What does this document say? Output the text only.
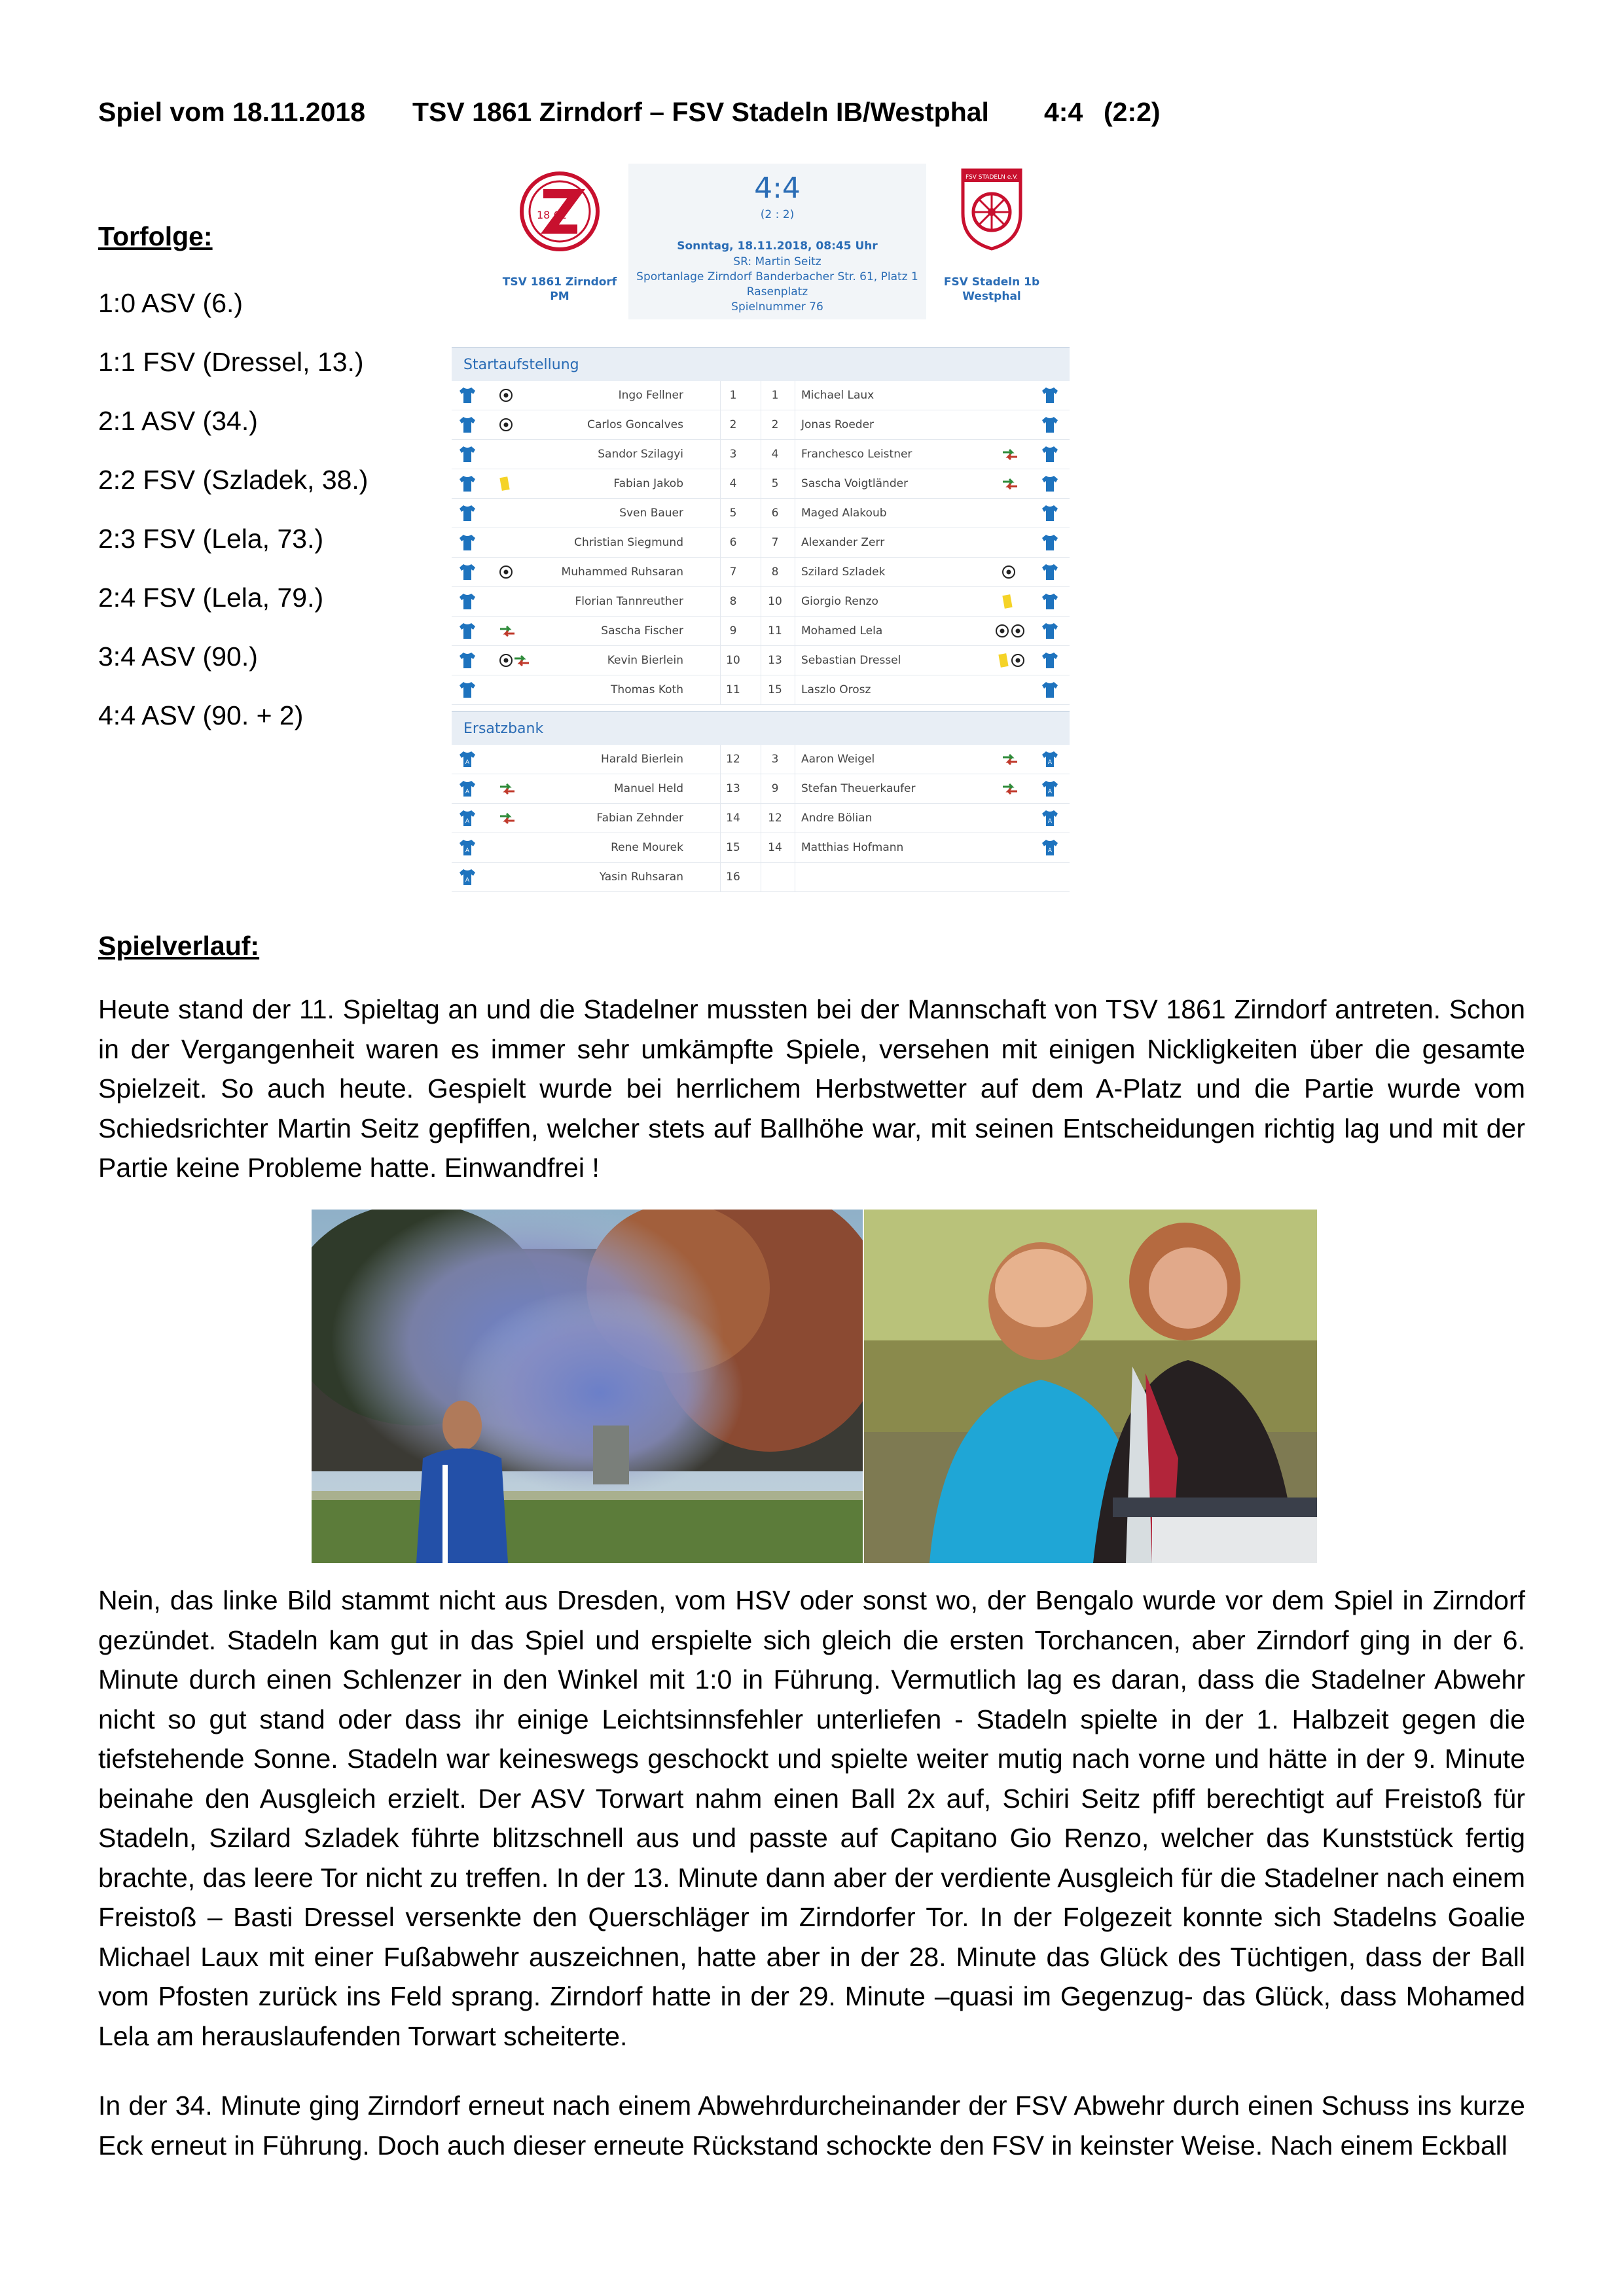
Spiel vom 18.11.2018 TSV 1861 Zirndorf – FSV Stadeln IB/Westphal 4:4 (2:2)
Torfolge:
1:0 ASV (6.)
1:1 FSV (Dressel, 13.)
2:1 ASV (34.)
2:2 FSV (Szladek, 38.)
2:3 FSV (Lela, 73.)
2:4 FSV (Lela, 79.)
3:4 ASV (90.)
4:4 ASV (90. + 2)
18 61
TSV 1861 Zirndorf PM
4:4
(2 : 2)
Sonntag, 18.11.2018, 08:45 Uhr
SR: Martin Seitz
Sportanlage Zirndorf Banderbacher Str. 61, Platz 1
Rasenplatz
Spielnummer 76
FSV STADELN e.V.
FSV Stadeln 1b Westphal
Startaufstellung
Ingo Fellner	1	1	Michael Laux
Carlos Goncalves	2	2	Jonas Roeder
Sandor Szilagyi	3	4	Franchesco Leistner
Fabian Jakob	4	5	Sascha Voigtländer
Sven Bauer	5	6	Maged Alakoub
Christian Siegmund	6	7	Alexander Zerr
Muhammed Ruhsaran	7	8	Szilard Szladek
Florian Tannreuther	8	10	Giorgio Renzo
Sascha Fischer	9	11	Mohamed Lela
Kevin Bierlein	10	13	Sebastian Dressel
Thomas Koth	11	15	Laszlo Orosz
Ersatzbank
A	Harald Bierlein	12	3	Aaron Weigel	A
A	Manuel Held	13	9	Stefan Theuerkaufer	A
A	Fabian Zehnder	14	12	Andre Bölian	A
A	Rene Mourek	15	14	Matthias Hofmann	A
A	Yasin Ruhsaran	16
Spielverlauf:

Heute stand der 11. Spieltag an und die Stadelner mussten bei der Mannschaft von TSV 1861 Zirndorf antreten. Schon in der Vergangenheit waren es immer sehr umkämpfte Spiele, versehen mit einigen Nickligkeiten über die gesamte Spielzeit. So auch heute. Gespielt wurde bei herrlichem Herbstwetter auf dem A-Platz und die Partie wurde vom Schiedsrichter Martin Seitz gepfiffen, welcher stets auf Ballhöhe war, mit seinen Entscheidungen richtig lag und mit der Partie keine Probleme hatte. Einwandfrei !

Nein, das linke Bild stammt nicht aus Dresden, vom HSV oder sonst wo, der Bengalo wurde vor dem Spiel in Zirndorf gezündet. Stadeln kam gut in das Spiel und erspielte sich gleich die ersten Torchancen, aber Zirndorf ging in der 6. Minute durch einen Schlenzer in den Winkel mit 1:0 in Führung. Vermutlich lag es daran, dass die Stadelner Abwehr nicht so gut stand oder dass ihr einige Leichtsinnsfehler unterliefen - Stadeln spielte in der 1. Halbzeit gegen die tiefstehende Sonne. Stadeln war keineswegs geschockt und spielte weiter mutig nach vorne und hätte in der 9. Minute beinahe den Ausgleich erzielt. Der ASV Torwart nahm einen Ball 2x auf, Schiri Seitz pfiff berechtigt auf Freistoß für Stadeln, Szilard Szladek führte blitzschnell aus und passte auf Capitano Gio Renzo, welcher das Kunststück fertig brachte, das leere Tor nicht zu treffen. In der 13. Minute dann aber der verdiente Ausgleich für die Stadelner nach einem Freistoß – Basti Dressel versenkte den Querschläger im Zirndorfer Tor. In der Folgezeit konnte sich Stadelns Goalie Michael Laux mit einer Fußabwehr auszeichnen, hatte aber in der 28. Minute das Glück des Tüchtigen, dass der Ball vom Pfosten zurück ins Feld sprang. Zirndorf hatte in der 29. Minute –quasi im Gegenzug- das Glück, dass Mohamed Lela am herauslaufenden Torwart scheiterte.

In der 34. Minute ging Zirndorf erneut nach einem Abwehrdurcheinander der FSV Abwehr durch einen Schuss ins kurze Eck erneut in Führung. Doch auch dieser erneute Rückstand schockte den FSV in keinster Weise. Nach einem Eckball
